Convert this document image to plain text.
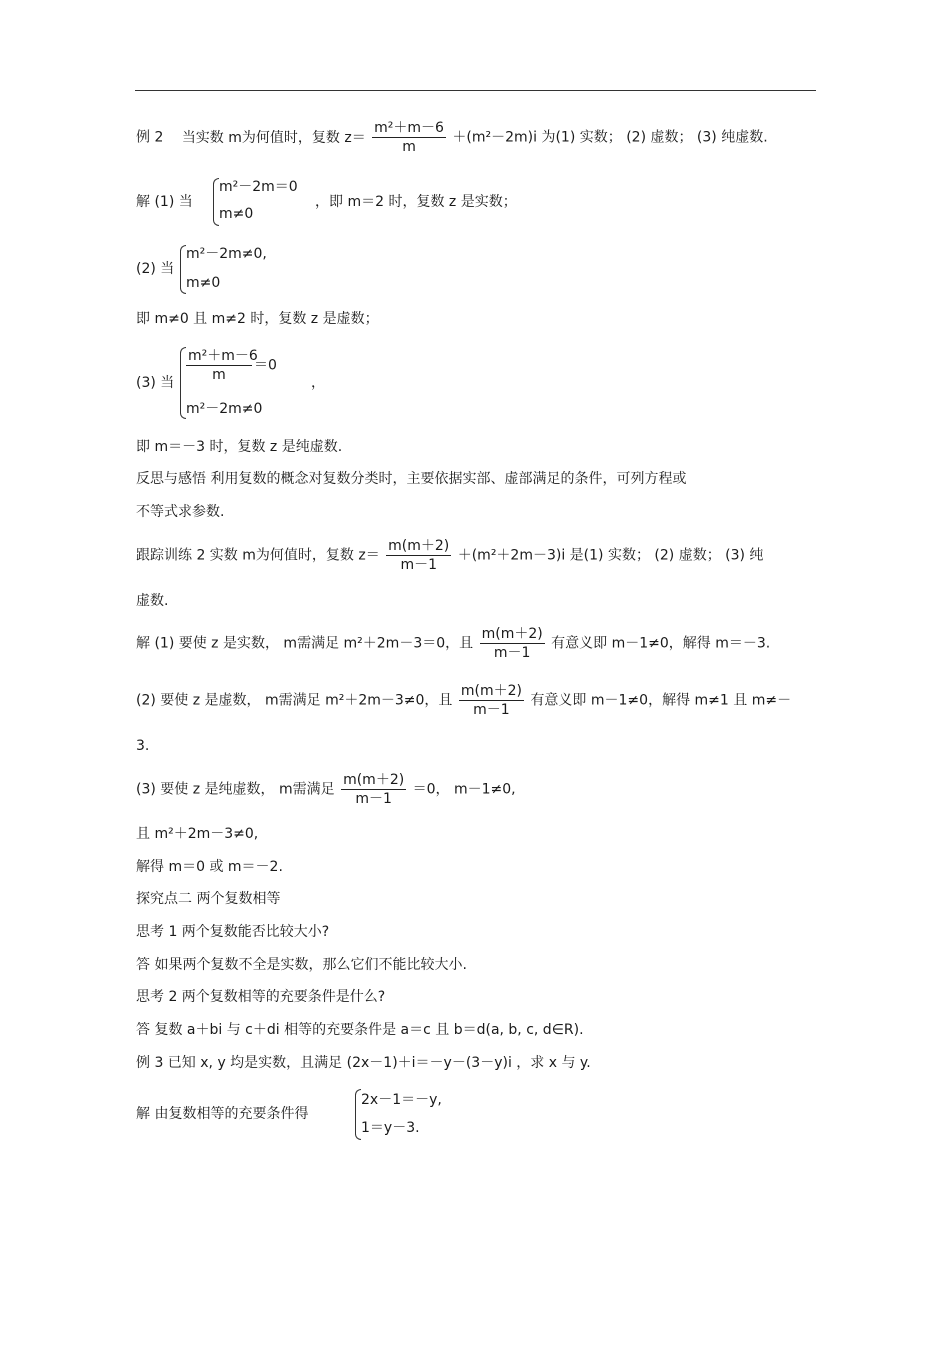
例 2 当实数 m为何值时，复数 $z= \frac{\text{m²＋m－6}}{m} +(m^2-2m)i$ 为(1) 实数； (2) 虚数； (3) 纯虚数.
解 (1) 当
m²－2m＝0
m≠0
，即 m＝2 时，复数 z 是实数；
(2) 当
m²－2m≠0,
m≠0
即 m≠0 且 m≠2 时，复数 z 是虚数；
(3) 当 $\frac{\text{m²＋m－6}}{m} =0$
m²－2m≠0
，
即 m＝－3 时，复数 z 是纯虚数.
反思与感悟 利用复数的概念对复数分类时，主要依据实部、虚部满足的条件，可列方程或
不等式求参数.
跟踪训练 2 实数 m为何值时，复数 $z= \frac{m(m+2)}{m-1} +(m^2+2m-3)i$ 是(1) 实数； (2) 虚数； (3) 纯
虚数.
解 (1) 要使 z 是实数， m需满足 m²＋2m－3＝0，且 $\frac{m(m+2)}{m-1}$ 有意义即 m－1≠0，解得 m＝－3.
(2) 要使 z 是虚数， m需满足 m²＋2m－3≠0，且 $\frac{m(m+2)}{m-1}$ 有意义即 m－1≠0，解得 m≠1 且 m≠－
3.
(3) 要使 z 是纯虚数， m需满足 $\frac{m(m+2)}{m-1} =0$， m－1≠0,
且 m²＋2m－3≠0,
解得 m＝0 或 m＝－2.
探究点二 两个复数相等
思考 1 两个复数能否比较大小?
答 如果两个复数不全是实数，那么它们不能比较大小.
思考 2 两个复数相等的充要条件是什么?
答 复数 a＋bi 与 c＋di 相等的充要条件是 a＝c 且 b＝d(a, b, c, d∈R).
例 3 已知 x, y 均是实数，且满足 (2x－1)＋i＝－y－(3－y)i ，求 x 与 y.
解 由复数相等的充要条件得
2x－1＝－y,
1＝y－3.
